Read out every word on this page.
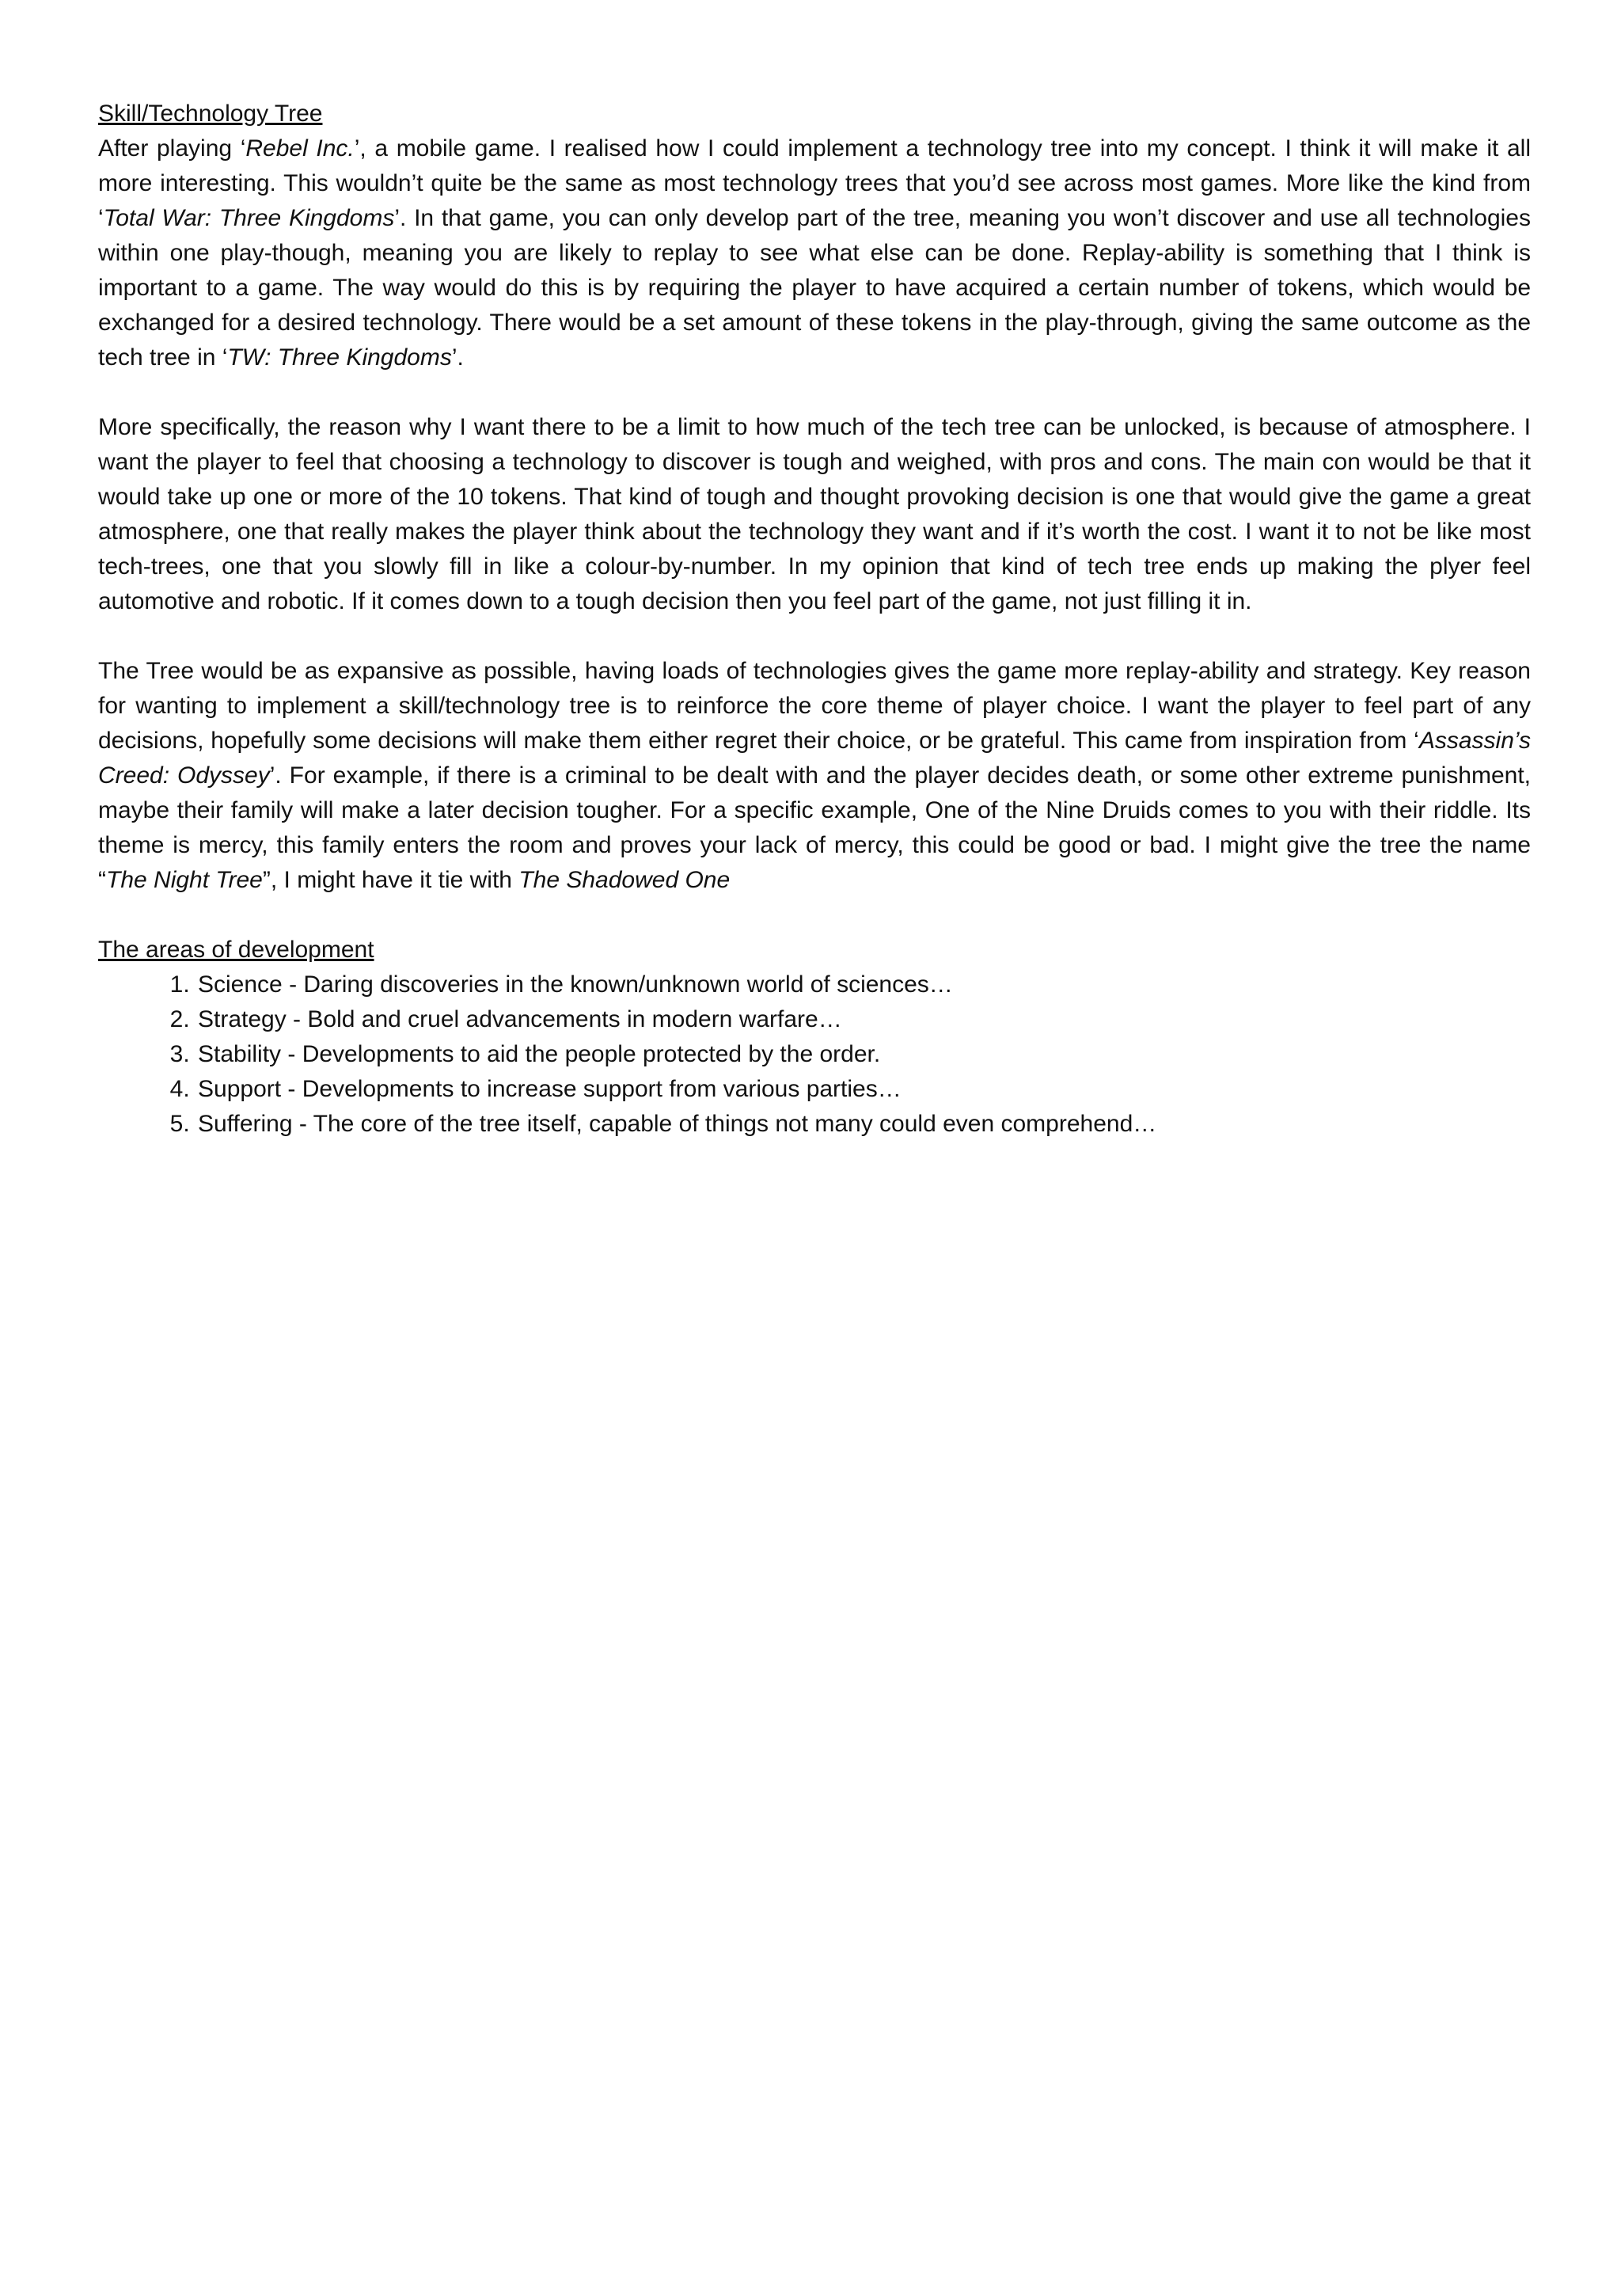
Skill/Technology Tree

After playing ‘Rebel Inc.’, a mobile game. I realised how I could implement a technology tree into my concept. I think it will make it all more interesting. This wouldn’t quite be the same as most technology trees that you’d see across most games. More like the kind from ‘Total War: Three Kingdoms’. In that game, you can only develop part of the tree, meaning you won’t discover and use all technologies within one play-though, meaning you are likely to replay to see what else can be done. Replay-ability is something that I think is important to a game. The way would do this is by requiring the player to have acquired a certain number of tokens, which would be exchanged for a desired technology. There would be a set amount of these tokens in the play-through, giving the same outcome as the tech tree in ‘TW: Three Kingdoms’.

More specifically, the reason why I want there to be a limit to how much of the tech tree can be unlocked, is because of atmosphere. I want the player to feel that choosing a technology to discover is tough and weighed, with pros and cons. The main con would be that it would take up one or more of the 10 tokens. That kind of tough and thought provoking decision is one that would give the game a great atmosphere, one that really makes the player think about the technology they want and if it’s worth the cost. I want it to not be like most tech-trees, one that you slowly fill in like a colour-by-number. In my opinion that kind of tech tree ends up making the plyer feel automotive and robotic. If it comes down to a tough decision then you feel part of the game, not just filling it in.

The Tree would be as expansive as possible, having loads of technologies gives the game more replay-ability and strategy. Key reason for wanting to implement a skill/technology tree is to reinforce the core theme of player choice. I want the player to feel part of any decisions, hopefully some decisions will make them either regret their choice, or be grateful. This came from inspiration from ‘Assassin’s Creed: Odyssey’. For example, if there is a criminal to be dealt with and the player decides death, or some other extreme punishment, maybe their family will make a later decision tougher. For a specific example, One of the Nine Druids comes to you with their riddle. Its theme is mercy, this family enters the room and proves your lack of mercy, this could be good or bad. I might give the tree the name “The Night Tree”, I might have it tie with The Shadowed One

The areas of development
1. Science - Daring discoveries in the known/unknown world of sciences…
2. Strategy - Bold and cruel advancements in modern warfare…
3. Stability - Developments to aid the people protected by the order.
4. Support - Developments to increase support from various parties…
5. Suffering - The core of the tree itself, capable of things not many could even comprehend…
